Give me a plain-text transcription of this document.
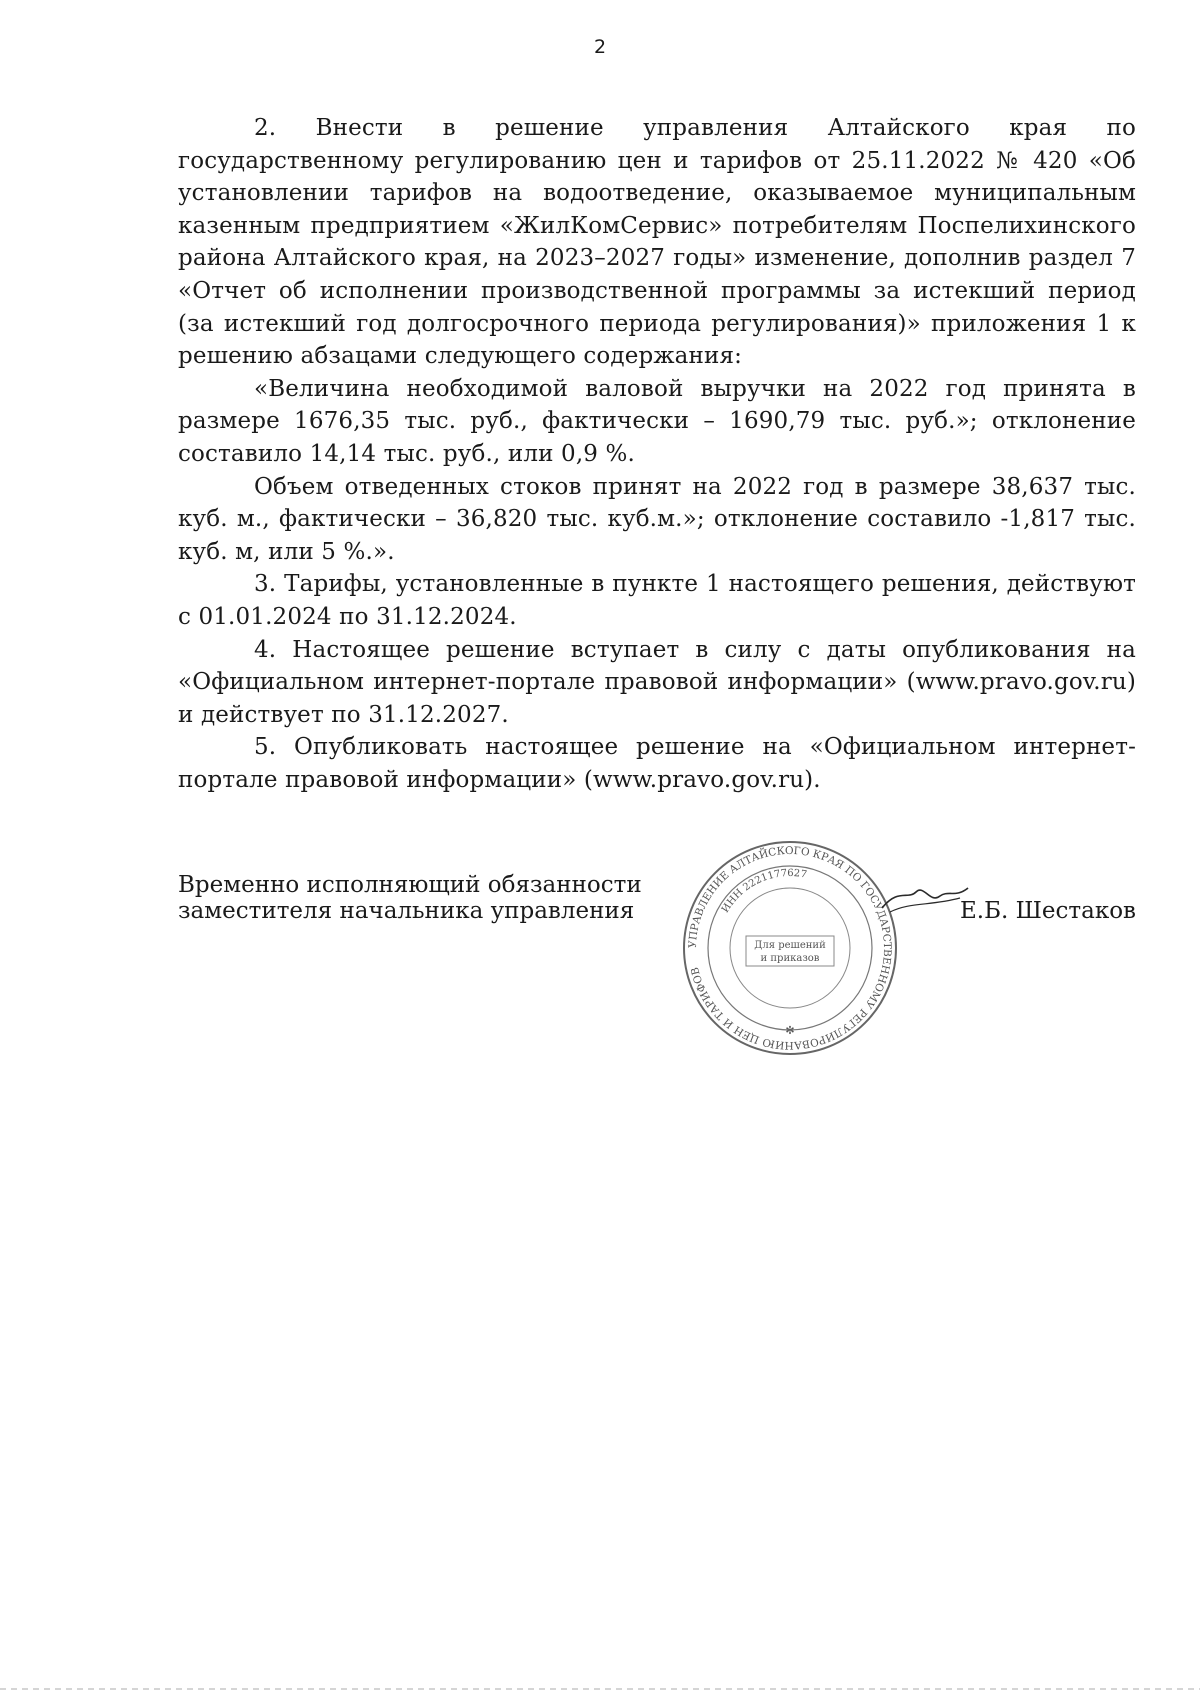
2

2. Внести в решение управления Алтайского края по государственному регулированию цен и тарифов от 25.11.2022 № 420 «Об установлении тарифов на водоотведение, оказываемое муниципальным казенным предприятием «ЖилКомСервис» потребителям Поспелихинского района Алтайского края, на 2023–2027 годы» изменение, дополнив раздел 7 «Отчет об исполнении производственной программы за истекший период (за истекший год долгосрочного периода регулирования)» приложения 1 к решению абзацами следующего содержания:

«Величина необходимой валовой выручки на 2022 год принята в размере 1676,35 тыс. руб., фактически – 1690,79 тыс. руб.»; отклонение составило 14,14 тыс. руб., или 0,9 %.

Объем отведенных стоков принят на 2022 год в размере 38,637 тыс. куб. м., фактически – 36,820 тыс. куб.м.»; отклонение составило -1,817 тыс. куб. м, или 5 %.».

3. Тарифы, установленные в пункте 1 настоящего решения, действуют с 01.01.2024 по 31.12.2024.

4. Настоящее решение вступает в силу с даты опубликования на «Официальном интернет-портале правовой информации» (www.pravo.gov.ru) и действует по 31.12.2027.

5. Опубликовать настоящее решение на «Официальном интернет-портале правовой информации» (www.pravo.gov.ru).

Временно исполняющий обязанности
заместителя начальника управления
УПРАВЛЕНИЕ АЛТАЙСКОГО КРАЯ ПО ГОСУДАРСТВЕННОМУ РЕГУЛИРОВАНИЮ ЦЕН И ТАРИФОВ
ИНН 2221177627
Для решений
и приказов
✻
Е.Б. Шестаков
